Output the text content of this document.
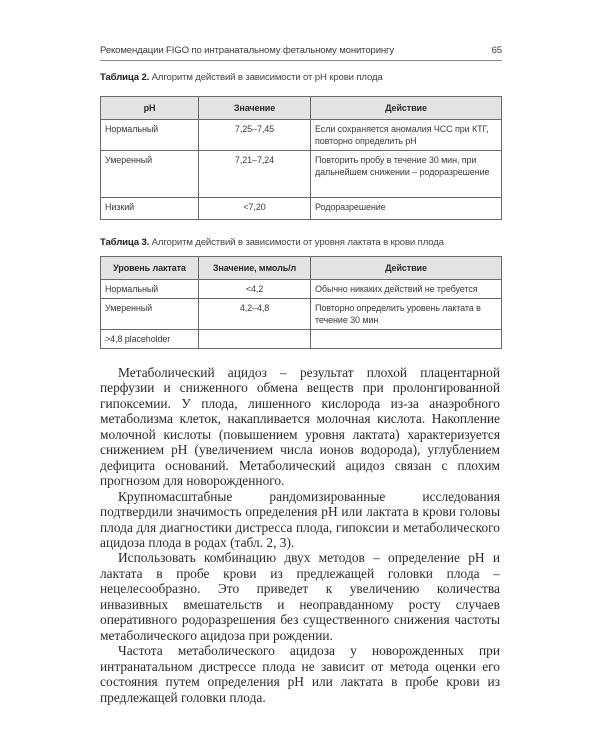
Рекомендации FIGO по интранатальному фетальному мониторингу	65
Таблица 2. Алгоритм действий в зависимости от pH крови плода
pH	Значение	Действие
Нормальный	7,25–7,45	Если сохраняется аномалия ЧСС при КТГ, повторно определить pH
Умеренный	7,21–7,24	Повторить пробу в течение 30 мин, при дальнейшем снижении – родоразрешение
Низкий	<7,20	Родоразрешение
Таблица 3. Алгоритм действий в зависимости от уровня лактата в крови плода
Уровень лактата	Значение, ммоль/л	Действие
Нормальный	<4,2	Обычно никаких действий не требуется
Умеренный	4,2–4,8	Повторно определить уровень лактата в течение 30 мин
>4,8 placeholder		

Метаболический ацидоз – результат плохой плацентарной перфузии и сниженного обмена веществ при пролонгированной гипоксемии. У плода, лишенного кислорода из-за анаэробного метаболизма клеток, накапливается молочная кислота. Накопление молочной кислоты (повышением уровня лактата) характеризуется снижением pH (увеличением числа ионов водорода), углублением дефицита оснований. Метаболический ацидоз связан с плохим прогнозом для новорожденного.

Крупномасштабные рандомизированные исследования подтвердили значимость определения pH или лактата в крови головы плода для диагностики дистресса плода, гипоксии и метаболического ацидоза плода в родах (табл. 2, 3).

Использовать комбинацию двух методов – определение pH и лактата в пробе крови из предлежащей головки плода – нецелесообразно. Это приведет к увеличению количества инвазивных вмешательств и неоправданному росту случаев оперативного родоразрешения без существенного снижения частоты метаболического ацидоза при рождении.

Частота метаболического ацидоза у новорожденных при интранатальном дистрессе плода не зависит от метода оценки его состояния путем определения pH или лактата в пробе крови из предлежащей головки плода.
